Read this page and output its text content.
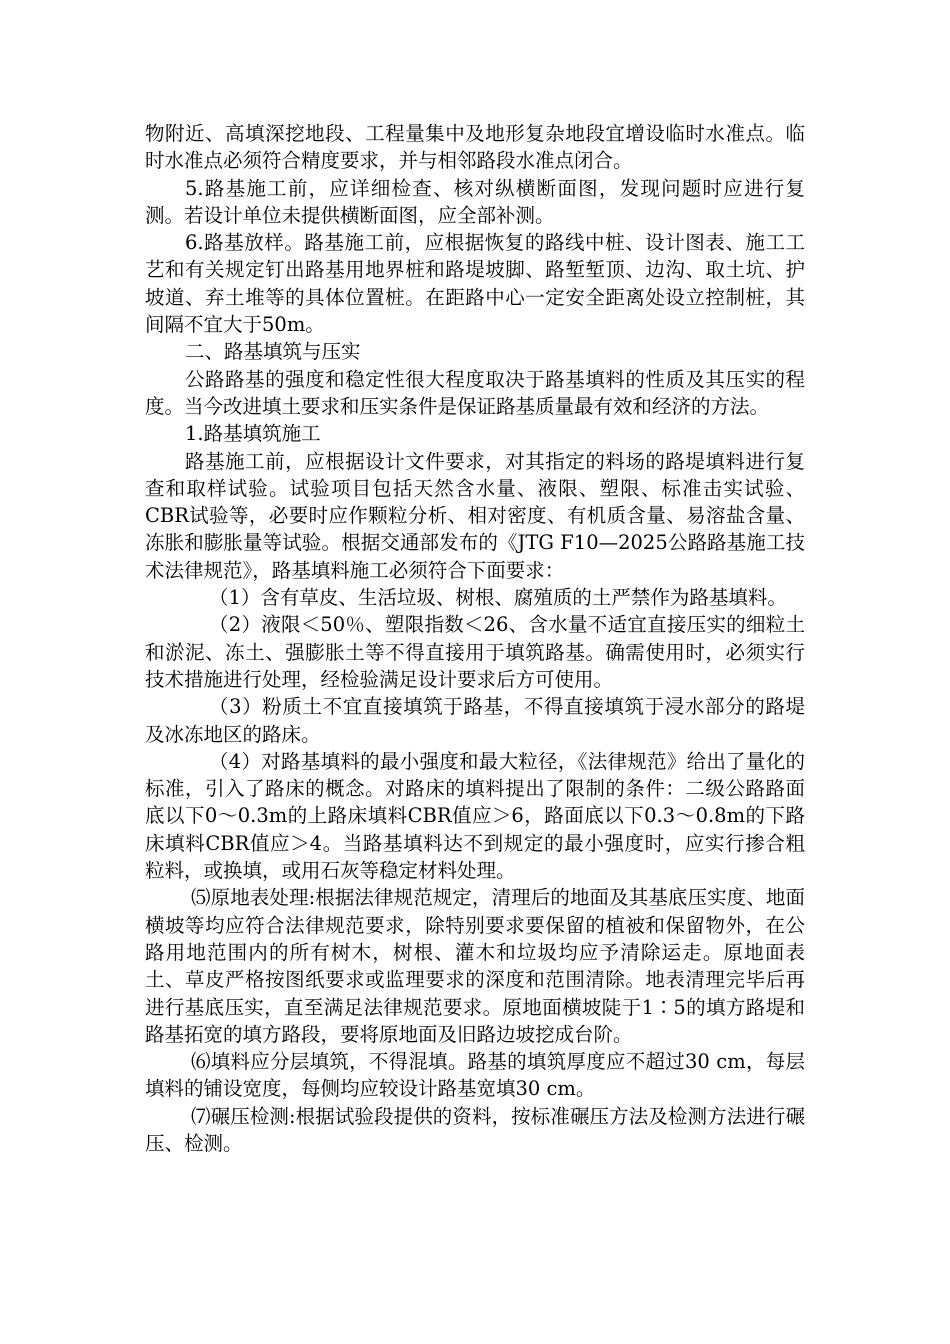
物附近、高填深挖地段、工程量集中及地形复杂地段宜增设临时水准点。临时水准点必须符合精度要求，并与相邻路段水准点闭合。

5.路基施工前，应详细检查、核对纵横断面图，发现问题时应进行复测。若设计单位未提供横断面图，应全部补测。

6.路基放样。路基施工前，应根据恢复的路线中桩、设计图表、施工工艺和有关规定钉出路基用地界桩和路堤坡脚、路堑堑顶、边沟、取土坑、护坡道、弃土堆等的具体位置桩。在距路中心一定安全距离处设立控制桩，其间隔不宜大于50m。

二、路基填筑与压实

公路路基的强度和稳定性很大程度取决于路基填料的性质及其压实的程度。当今改进填土要求和压实条件是保证路基质量最有效和经济的方法。

1.路基填筑施工

路基施工前，应根据设计文件要求，对其指定的料场的路堤填料进行复查和取样试验。试验项目包括天然含水量、液限、塑限、标准击实试验、CBR试验等，必要时应作颗粒分析、相对密度、有机质含量、易溶盐含量、冻胀和膨胀量等试验。根据交通部发布的《JTG F10—2025公路路基施工技术法律规范》，路基填料施工必须符合下面要求：

（1）含有草皮、生活垃圾、树根、腐殖质的土严禁作为路基填料。

（2）液限＜50％、塑限指数＜26、含水量不适宜直接压实的细粒土和淤泥、冻土、强膨胀土等不得直接用于填筑路基。确需使用时，必须实行技术措施进行处理，经检验满足设计要求后方可使用。

（3）粉质土不宜直接填筑于路基，不得直接填筑于浸水部分的路堤及冰冻地区的路床。

（4）对路基填料的最小强度和最大粒径，《法律规范》给出了量化的标准，引入了路床的概念。对路床的填料提出了限制的条件：二级公路路面底以下0～0.3m的上路床填料CBR值应＞6，路面底以下0.3～0.8m的下路床填料CBR值应＞4。当路基填料达不到规定的最小强度时，应实行掺合粗粒料，或换填，或用石灰等稳定材料处理。

⑸原地表处理:根据法律规范规定，清理后的地面及其基底压实度、地面横坡等均应符合法律规范要求，除特别要求要保留的植被和保留物外，在公路用地范围内的所有树木，树根、灌木和垃圾均应予清除运走。原地面表土、草皮严格按图纸要求或监理要求的深度和范围清除。地表清理完毕后再进行基底压实，直至满足法律规范要求。原地面横坡陡于1∶5的填方路堤和路基拓宽的填方路段，要将原地面及旧路边坡挖成台阶。

⑹填料应分层填筑，不得混填。路基的填筑厚度应不超过30 cm，每层填料的铺设宽度，每侧均应较设计路基宽填30 cm。

⑺碾压检测:根据试验段提供的资料，按标准碾压方法及检测方法进行碾压、检测。
